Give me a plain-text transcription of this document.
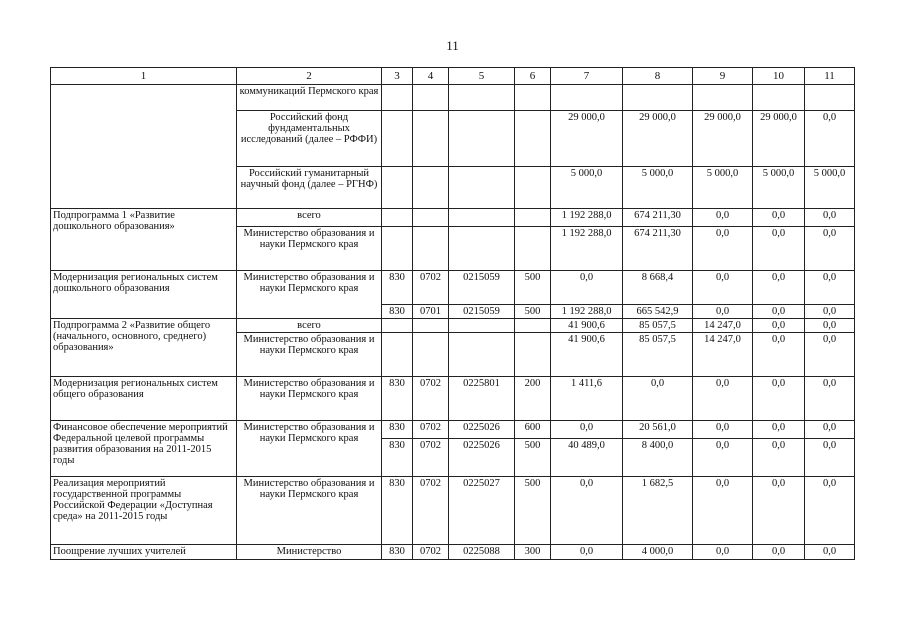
11
1	2	3	4	5	6	7	8	9	10	11
	коммуникаций Пермского края									
	Российский фонд фундаментальных исследований (далее – РФФИ)					29 000,0	29 000,0	29 000,0	29 000,0	0,0
	Российский гуманитарный научный фонд (далее – РГНФ)					5 000,0	5 000,0	5 000,0	5 000,0	5 000,0
Подпрограмма 1 «Развитие дошкольного образования»	всего					1 192 288,0	674 211,30	0,0	0,0	0,0
	Министерство образования и науки Пермского края					1 192 288,0	674 211,30	0,0	0,0	0,0
Модернизация региональных систем дошкольного образования	Министерство образования и науки Пермского края	830	0702	0215059	500	0,0	8 668,4	0,0	0,0	0,0
		830	0701	0215059	500	1 192 288,0	665 542,9	0,0	0,0	0,0
Подпрограмма 2 «Развитие общего (начального, основного, среднего) образования»	всего					41 900,6	85 057,5	14 247,0	0,0	0,0
	Министерство образования и науки Пермского края					41 900,6	85 057,5	14 247,0	0,0	0,0
Модернизация региональных систем общего образования	Министерство образования и науки Пермского края	830	0702	0225801	200	1 411,6	0,0	0,0	0,0	0,0
Финансовое обеспечение мероприятий Федеральной целевой программы развития образования на 2011-2015 годы	Министерство образования и науки Пермского края	830	0702	0225026	600	0,0	20 561,0	0,0	0,0	0,0
		830	0702	0225026	500	40 489,0	8 400,0	0,0	0,0	0,0
Реализация мероприятий государственной программы Российской Федерации «Доступная среда» на 2011-2015 годы	Министерство образования и науки Пермского края	830	0702	0225027	500	0,0	1 682,5	0,0	0,0	0,0
Поощрение лучших учителей	Министерство	830	0702	0225088	300	0,0	4 000,0	0,0	0,0	0,0
